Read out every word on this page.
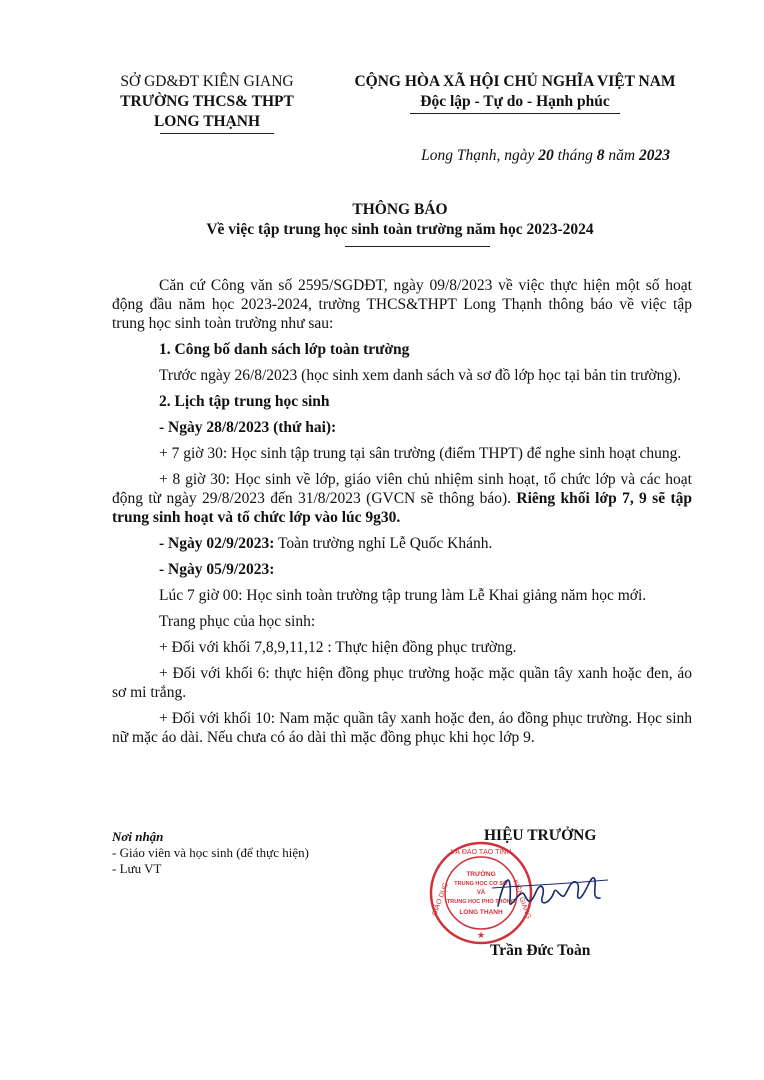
SỞ GD&ĐT KIÊN GIANG
TRƯỜNG THCS& THPT
LONG THẠNH
CỘNG HÒA XÃ HỘI CHỦ NGHĨA VIỆT NAM
Độc lập - Tự do - Hạnh phúc
Long Thạnh, ngày 20 tháng 8 năm 2023
THÔNG BÁO
Về việc tập trung học sinh toàn trường năm học 2023-2024

Căn cứ Công văn số 2595/SGDĐT, ngày 09/8/2023 về việc thực hiện một số hoạt động đầu năm học 2023-2024, trường THCS&THPT Long Thạnh thông báo về việc tập trung học sinh toàn trường như sau:

1. Công bố danh sách lớp toàn trường

Trước ngày 26/8/2023 (học sinh xem danh sách và sơ đồ lớp học tại bản tin trường).

2. Lịch tập trung học sinh

- Ngày 28/8/2023 (thứ hai):

+ 7 giờ 30: Học sinh tập trung tại sân trường (điểm THPT) để nghe sinh hoạt chung.

+ 8 giờ 30: Học sinh về lớp, giáo viên chủ nhiệm sinh hoạt, tổ chức lớp và các hoạt động từ ngày 29/8/2023 đến 31/8/2023 (GVCN sẽ thông báo). Riêng khối lớp 7, 9 sẽ tập trung sinh hoạt và tổ chức lớp vào lúc 9g30.

- Ngày 02/9/2023: Toàn trường nghỉ Lễ Quốc Khánh.

- Ngày 05/9/2023:

Lúc 7 giờ 00: Học sinh toàn trường tập trung làm Lễ Khai giảng năm học mới.

Trang phục của học sinh:

+ Đối với khối 7,8,9,11,12 : Thực hiện đồng phục trường.

+ Đối với khối 6: thực hiện đồng phục trường hoặc mặc quần tây xanh hoặc đen, áo sơ mi trắng.

+ Đối với khối 10: Nam mặc quần tây xanh hoặc đen, áo đồng phục trường. Học sinh nữ mặc áo dài. Nếu chưa có áo dài thì mặc đồng phục khi học lớp 9.

Nơi nhận
- Giáo viên và học sinh (để thực hiện)
- Lưu VT
HIỆU TRƯỞNG
Trần Đức Toàn
VÀ ĐÀO TẠO TỈNH
TRƯỜNG
TRUNG HỌC CƠ SỞ
VÀ
TRUNG HỌC PHỔ THÔNG
LONG THẠNH
GIÁO DỤC	KIÊN GIANG
★
